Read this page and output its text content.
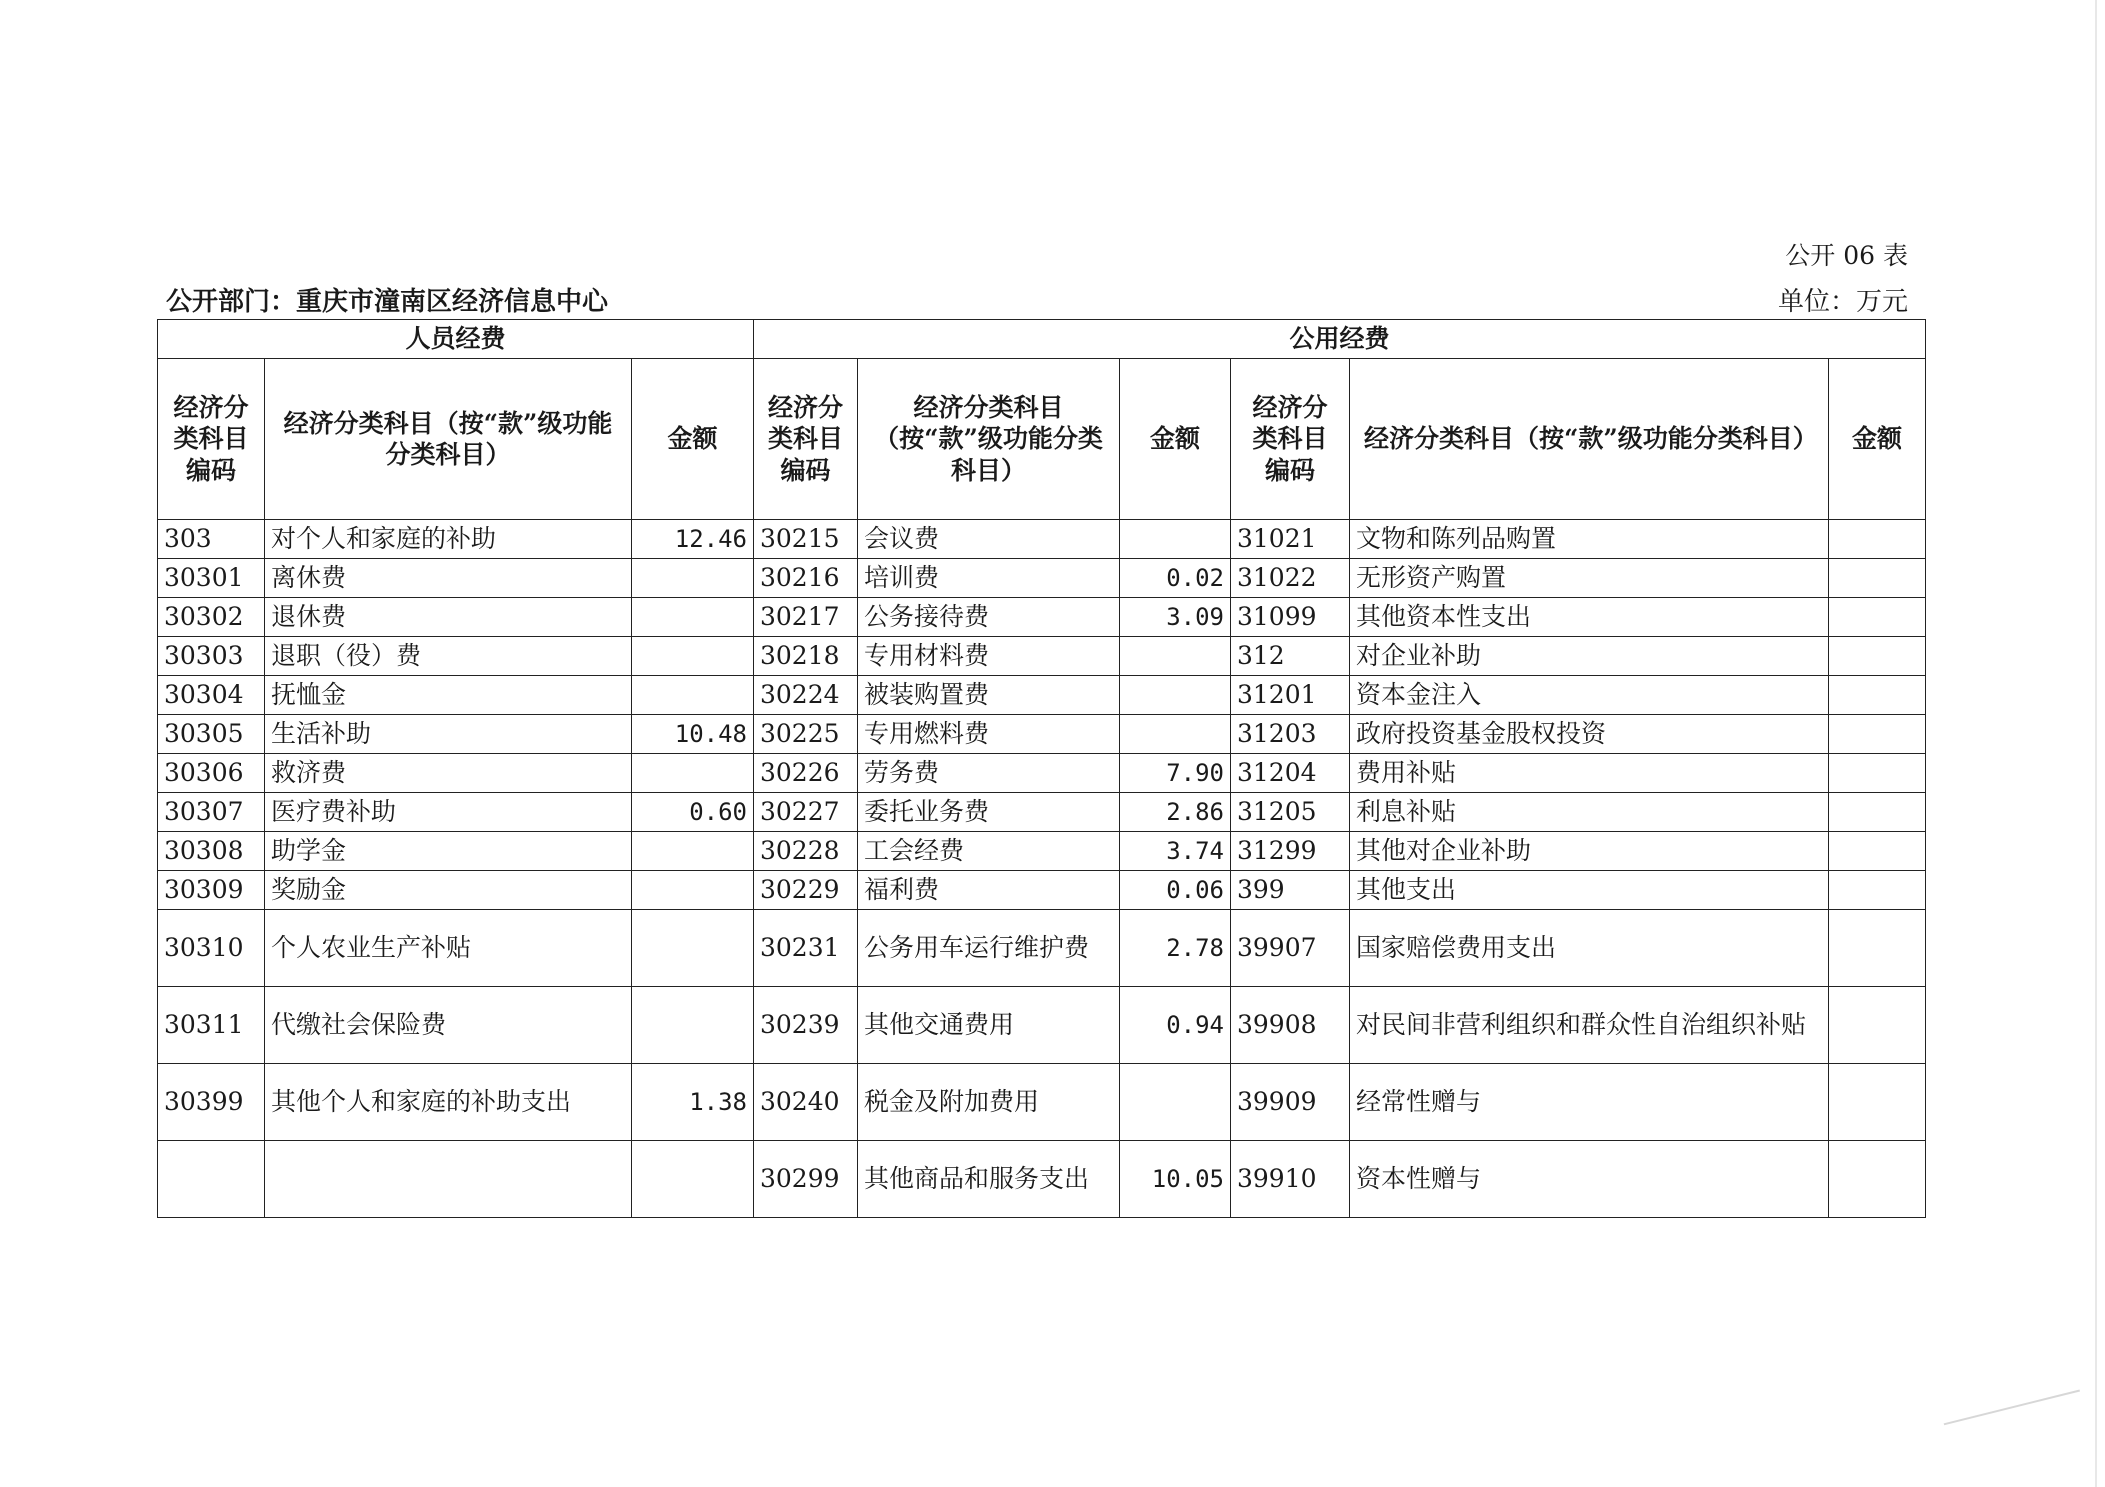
公开 06 表
公开部门：重庆市潼南区经济信息中心	单位：万元
人员经费			公用经费					
经济分类科目编码	经济分类科目（按“款”级功能分类科目）	金额	经济分类科目编码	经济分类科目（按“款”级功能分类科目）	金额	经济分类科目编码	经济分类科目（按“款”级功能分类科目）	金额
303	对个人和家庭的补助	12.46	30215	会议费		31021	文物和陈列品购置	
30301	离休费		30216	培训费	0.02	31022	无形资产购置	
30302	退休费		30217	公务接待费	3.09	31099	其他资本性支出	
30303	退职（役）费		30218	专用材料费		312	对企业补助	
30304	抚恤金		30224	被装购置费		31201	资本金注入	
30305	生活补助	10.48	30225	专用燃料费		31203	政府投资基金股权投资	
30306	救济费		30226	劳务费	7.90	31204	费用补贴	
30307	医疗费补助	0.60	30227	委托业务费	2.86	31205	利息补贴	
30308	助学金		30228	工会经费	3.74	31299	其他对企业补助	
30309	奖励金		30229	福利费	0.06	399	其他支出	
30310	个人农业生产补贴		30231	公务用车运行维护费	2.78	39907	国家赔偿费用支出	
30311	代缴社会保险费		30239	其他交通费用	0.94	39908	对民间非营利组织和群众性自治组织补贴	
30399	其他个人和家庭的补助支出	1.38	30240	税金及附加费用		39909	经常性赠与	
			30299	其他商品和服务支出	10.05	39910	资本性赠与	
